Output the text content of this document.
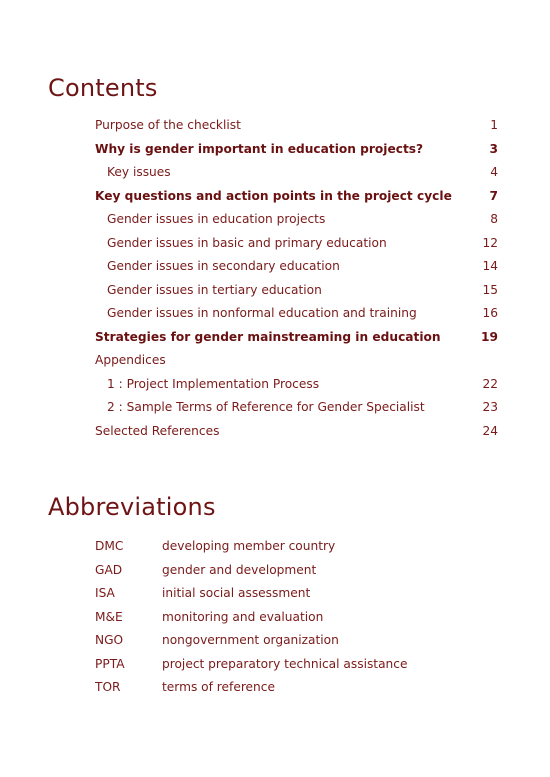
Contents
Purpose of the checklist	1
Why is gender important in education projects?	3
Key issues	4
Key questions and action points in the project cycle	7
Gender issues in education projects	8
Gender issues in basic and primary education	12
Gender issues in secondary education	14
Gender issues in tertiary education	15
Gender issues in nonformal education and training	16
Strategies for gender mainstreaming in education	19
Appendices
1 : Project Implementation Process	22
2 : Sample Terms of Reference for Gender Specialist	23
Selected References	24
Abbreviations
DMC	developing member country
GAD	gender and development
ISA	initial social assessment
M&E	monitoring and evaluation
NGO	nongovernment organization
PPTA	project preparatory technical assistance
TOR	terms of reference
